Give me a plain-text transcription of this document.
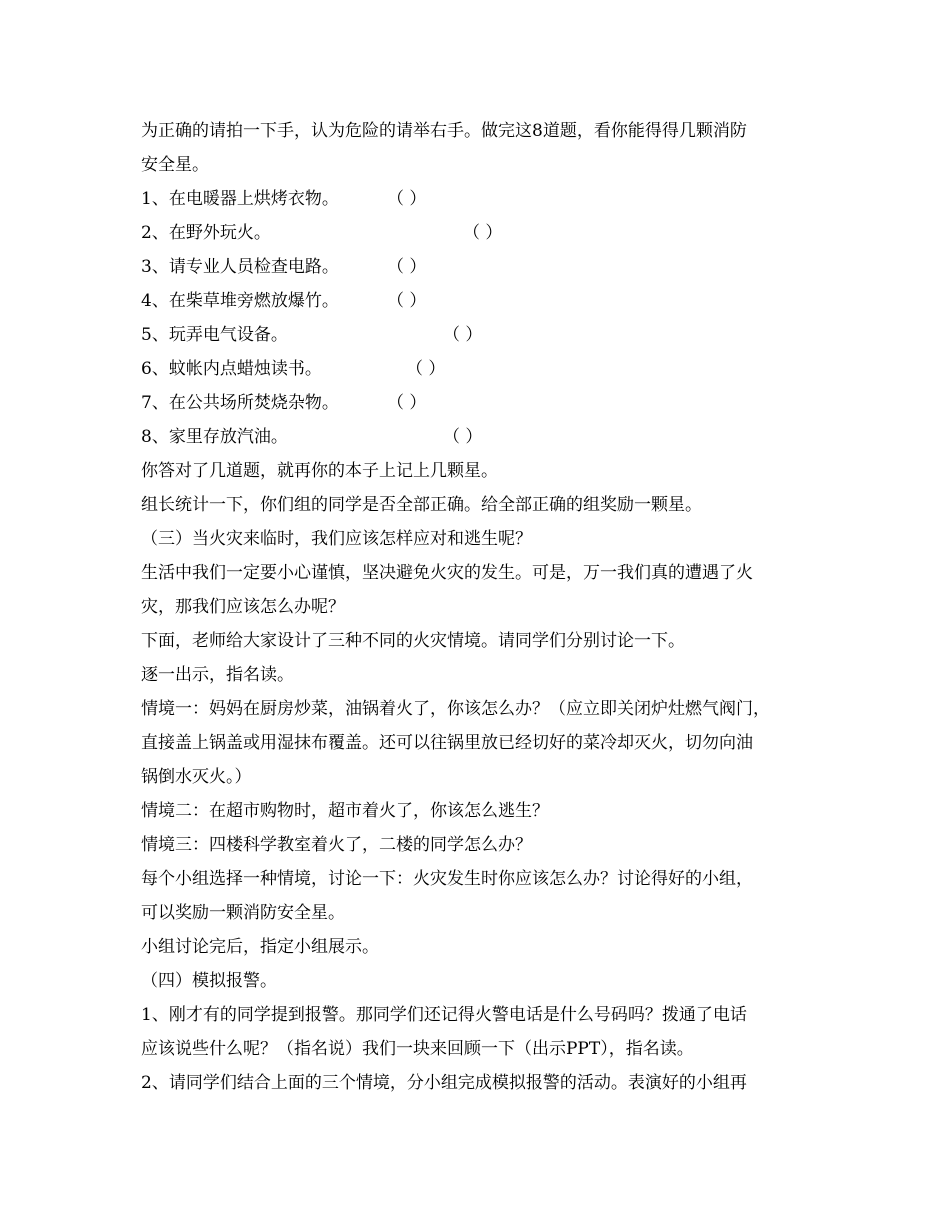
为正确的请拍一下手，认为危险的请举右手。做完这8道题，看你能得得几颗消防
安全星。
1、在电暖器上烘烤衣物。	（ ）
2、在野外玩火。	（ ）
3、请专业人员检查电路。	（ ）
4、在柴草堆旁燃放爆竹。	（ ）
5、玩弄电气设备。	（ ）
6、蚊帐内点蜡烛读书。	（ ）
7、在公共场所焚烧杂物。	（ ）
8、家里存放汽油。	（ ）
你答对了几道题，就再你的本子上记上几颗星。
组长统计一下，你们组的同学是否全部正确。给全部正确的组奖励一颗星。
（三）当火灾来临时，我们应该怎样应对和逃生呢？
生活中我们一定要小心谨慎，坚决避免火灾的发生。可是，万一我们真的遭遇了火
灾，那我们应该怎么办呢？
下面，老师给大家设计了三种不同的火灾情境。请同学们分别讨论一下。
逐一出示，指名读。
情境一：妈妈在厨房炒菜，油锅着火了，你该怎么办？（应立即关闭炉灶燃气阀门，
直接盖上锅盖或用湿抹布覆盖。还可以往锅里放已经切好的菜冷却灭火，切勿向油
锅倒水灭火。）
情境二：在超市购物时，超市着火了，你该怎么逃生？
情境三：四楼科学教室着火了，二楼的同学怎么办？
每个小组选择一种情境，讨论一下：火灾发生时你应该怎么办？讨论得好的小组，
可以奖励一颗消防安全星。
小组讨论完后，指定小组展示。
（四）模拟报警。
1、刚才有的同学提到报警。那同学们还记得火警电话是什么号码吗？拨通了电话
应该说些什么呢？（指名说）我们一块来回顾一下（出示PPT），指名读。
2、请同学们结合上面的三个情境，分小组完成模拟报警的活动。表演好的小组再
